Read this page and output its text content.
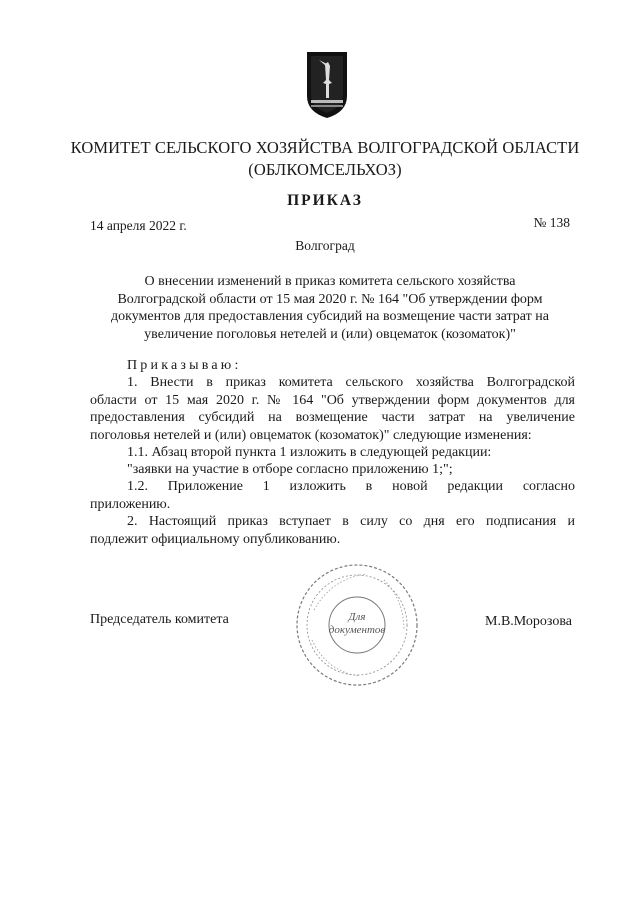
КОМИТЕТ СЕЛЬСКОГО ХОЗЯЙСТВА ВОЛГОГРАДСКОЙ ОБЛАСТИ
(ОБЛКОМСЕЛЬХОЗ)
ПРИКАЗ
14 апреля 2022 г.	№ 138
Волгоград
О внесении изменений в приказ комитета сельского хозяйства
Волгоградской области от 15 мая 2020 г. № 164 "Об утверждении форм
документов для предоставления субсидий на возмещение части затрат на
увеличение поголовья нетелей и (или) овцематок (козоматок)"
Приказываю:
1. Внести в приказ комитета сельского хозяйства Волгоградской
области от 15 мая 2020 г. № 164 "Об утверждении форм документов для
предоставления субсидий на возмещение части затрат на увеличение
поголовья нетелей и (или) овцематок (козоматок)" следующие изменения:
1.1. Абзац второй пункта 1 изложить в следующей редакции:
"заявки на участие в отборе согласно приложению 1;";
1.2. Приложение 1 изложить в новой редакции согласно
приложению.
2. Настоящий приказ вступает в силу со дня его подписания и
подлежит официальному опубликованию.
Для
документов
Председатель комитета	М.В.Морозова
